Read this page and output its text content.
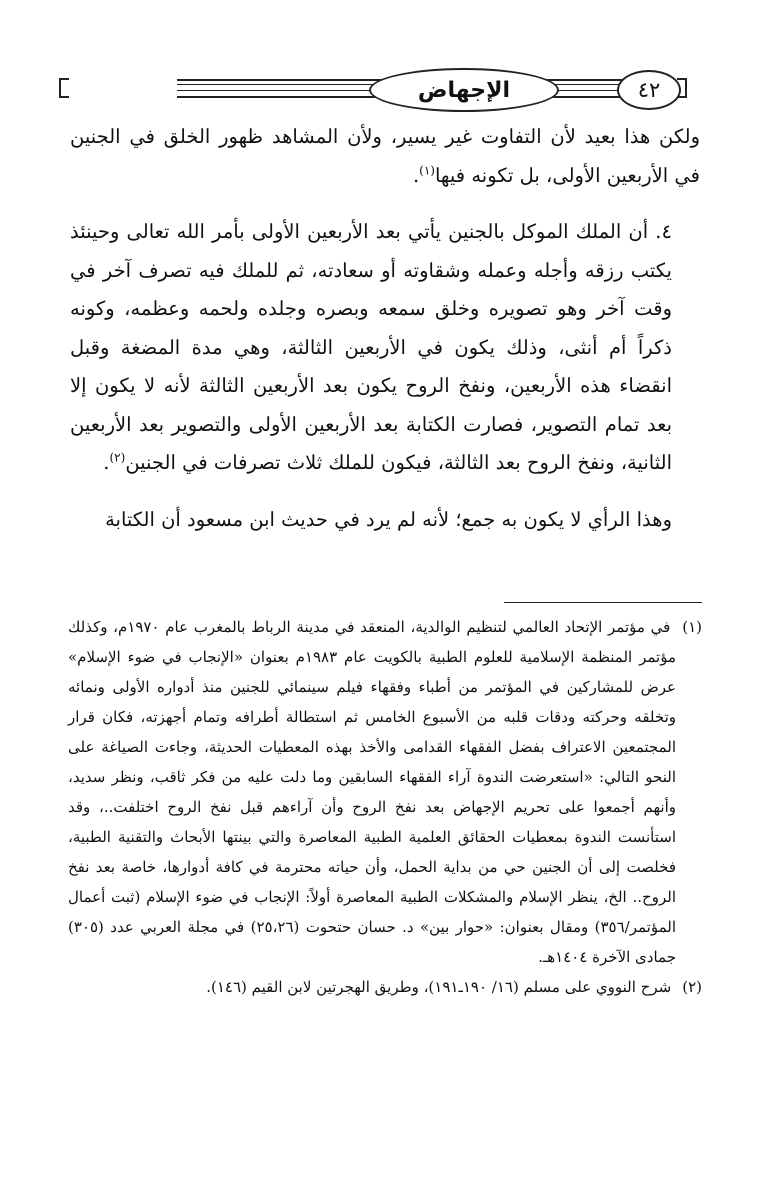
الإجهاض	٤٢

ولكن هذا بعيد لأن التفاوت غير يسير، ولأن المشاهد ظهور الخلق في الجنين في الأربعين الأولى، بل تكونه فيها$^{(١)}$.

٤. أن الملك الموكل بالجنين يأتي بعد الأربعين الأولى بأمر الله تعالى وحينئذ يكتب رزقه وأجله وعمله وشقاوته أو سعادته، ثم للملك فيه تصرف آخر في وقت آخر وهو تصويره وخلق سمعه وبصره وجلده ولحمه وعظمه، وكونه ذكراً أم أنثى، وذلك يكون في الأربعين الثالثة، وهي مدة المضغة وقبل انقضاء هذه الأربعين، ونفخ الروح يكون بعد الأربعين الثالثة لأنه لا يكون إلا بعد تمام التصوير، فصارت الكتابة بعد الأربعين الأولى والتصوير بعد الأربعين الثانية، ونفخ الروح بعد الثالثة، فيكون للملك ثلاث تصرفات في الجنين$^{(٢)}$.

وهذا الرأي لا يكون به جمع؛ لأنه لم يرد في حديث ابن مسعود أن الكتابة

(١) في مؤتمر الإتحاد العالمي لتنظيم الوالدية، المنعقد في مدينة الرباط بالمغرب عام ١٩٧٠م، وكذلك مؤتمر المنظمة الإسلامية للعلوم الطبية بالكويت عام ١٩٨٣م بعنوان «الإنجاب في ضوء الإسلام» عرض للمشاركين في المؤتمر من أطباء وفقهاء فيلم سينمائي للجنين منذ أدواره الأولى ونمائه وتخلقه وحركته ودقات قلبه من الأسبوع الخامس ثم استطالة أطرافه وتمام أجهزته، فكان قرار المجتمعين الاعتراف بفضل الفقهاء القدامى والأخذ بهذه المعطيات الحديثة، وجاءت الصياغة على النحو التالي: «استعرضت الندوة آراء الفقهاء السابقين وما دلت عليه من فكر ثاقب، ونظر سديد، وأنهم أجمعوا على تحريم الإجهاض بعد نفخ الروح وأن آراءهم قبل نفخ الروح اختلفت..، وقد استأنست الندوة بمعطيات الحقائق العلمية الطبية المعاصرة والتي بينتها الأبحاث والتقنية الطبية، فخلصت إلى أن الجنين حي من بداية الحمل، وأن حياته محترمة في كافة أدوارها، خاصة بعد نفخ الروح.. الخ، ينظر الإسلام والمشكلات الطبية المعاصرة أولاً: الإنجاب في ضوء الإسلام (ثبت أعمال المؤتمر/٣٥٦) ومقال بعنوان: «حوار بين» د. حسان حتحوت (٢٥،٢٦) في مجلة العربي عدد (٣٠٥) جمادى الآخرة ١٤٠٤هـ.

(٢) شرح النووي على مسلم (١٦/ ١٩٠ـ١٩١)، وطريق الهجرتين لابن القيم (١٤٦).
